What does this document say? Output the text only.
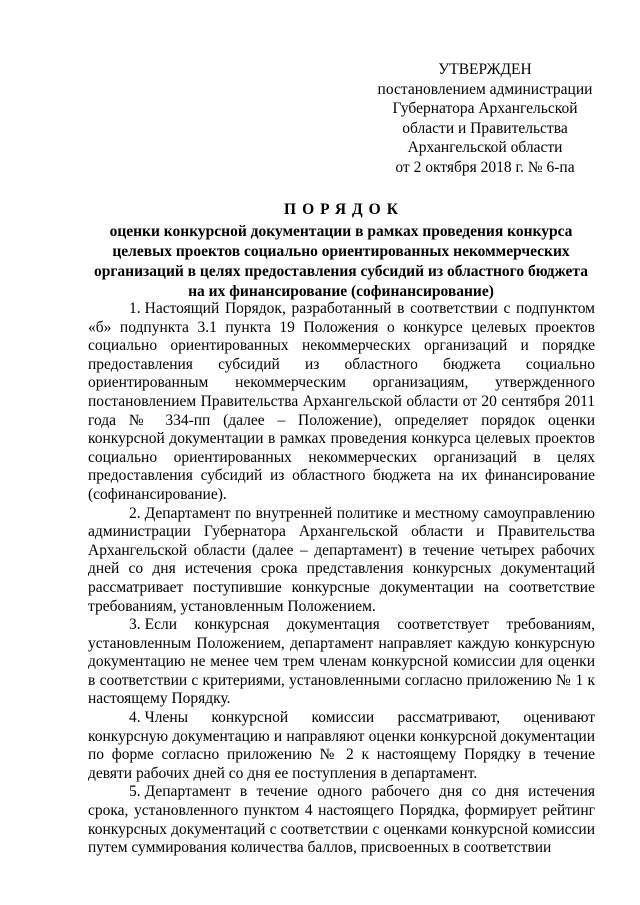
УТВЕРЖДЕН
постановлением администрации
Губернатора Архангельской
области и Правительства
Архангельской области
от 2 октября 2018 г. № 6-па
ПОРЯДОК
оценки конкурсной документации в рамках проведения конкурса
целевых проектов социально ориентированных некоммерческих
организаций в целях предоставления субсидий из областного бюджета
на их финансирование (софинансирование)

1. Настоящий Порядок, разработанный в соответствии с подпунктом «б» подпункта 3.1 пункта 19 Положения о конкурсе целевых проектов социально ориентированных некоммерческих организаций и порядке предоставления субсидий из областного бюджета социально ориентированным некоммерческим организациям, утвержденного постановлением Правительства Архангельской области от 20 сентября 2011 года № 334-пп (далее – Положение), определяет порядок оценки конкурсной документации в рамках проведения конкурса целевых проектов социально ориентированных некоммерческих организаций в целях предоставления субсидий из областного бюджета на их финансирование (софинансирование).

2. Департамент по внутренней политике и местному самоуправлению администрации Губернатора Архангельской области и Правительства Архангельской области (далее – департамент) в течение четырех рабочих дней со дня истечения срока представления конкурсных документаций рассматривает поступившие конкурсные документации на соответствие требованиям, установленным Положением.

3. Если конкурсная документация соответствует требованиям, установленным Положением, департамент направляет каждую конкурсную документацию не менее чем трем членам конкурсной комиссии для оценки в соответствии с критериями, установленными согласно приложению № 1 к настоящему Порядку.

4. Члены конкурсной комиссии рассматривают, оценивают конкурсную документацию и направляют оценки конкурсной документации по форме согласно приложению № 2 к настоящему Порядку в течение девяти рабочих дней со дня ее поступления в департамент.

5. Департамент в течение одного рабочего дня со дня истечения срока, установленного пунктом 4 настоящего Порядка, формирует рейтинг конкурсных документаций с соответствии с оценками конкурсной комиссии путем суммирования количества баллов, присвоенных в соответствии
